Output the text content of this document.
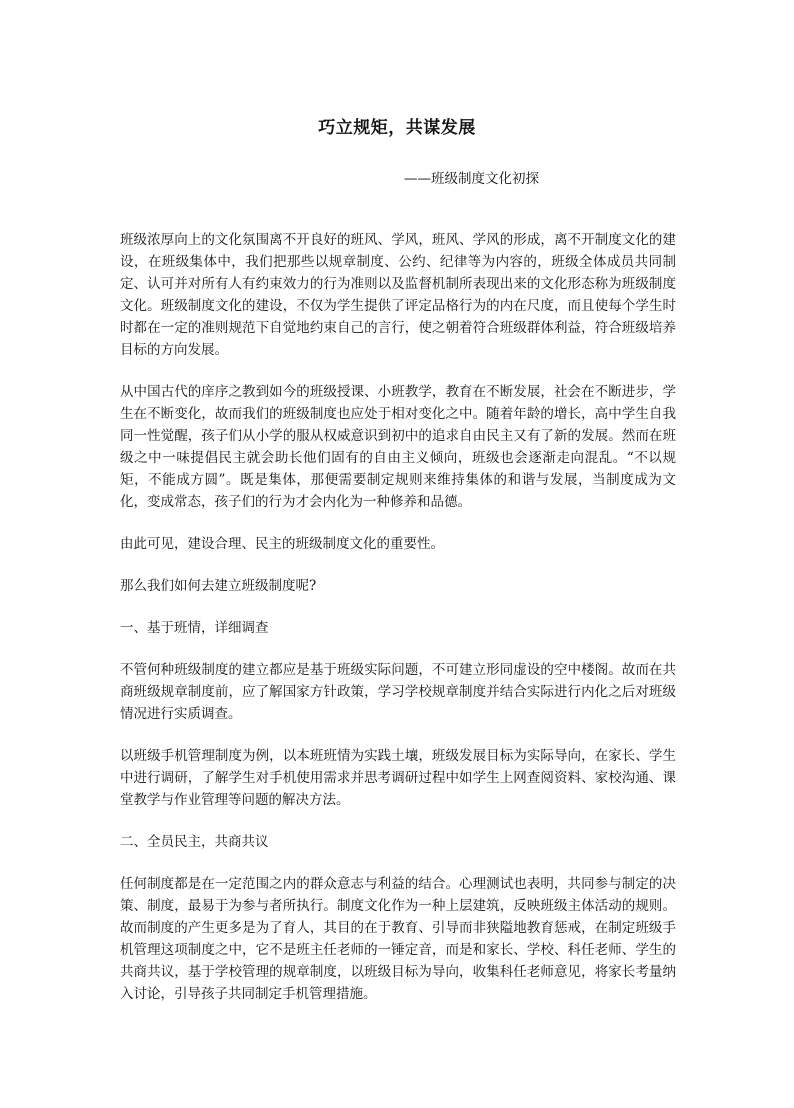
巧立规矩，共谋发展
——班级制度文化初探

班级浓厚向上的文化氛围离不开良好的班风、学风，班风、学风的形成，离不开制度文化的建设，在班级集体中，我们把那些以规章制度、公约、纪律等为内容的，班级全体成员共同制定、认可并对所有人有约束效力的行为准则以及监督机制所表现出来的文化形态称为班级制度文化。班级制度文化的建设，不仅为学生提供了评定品格行为的内在尺度，而且使每个学生时时都在一定的准则规范下自觉地约束自己的言行，使之朝着符合班级群体利益，符合班级培养目标的方向发展。

从中国古代的庠序之教到如今的班级授课、小班教学，教育在不断发展，社会在不断进步，学生在不断变化，故而我们的班级制度也应处于相对变化之中。随着年龄的增长，高中学生自我同一性觉醒，孩子们从小学的服从权威意识到初中的追求自由民主又有了新的发展。然而在班级之中一味提倡民主就会助长他们固有的自由主义倾向，班级也会逐渐走向混乱。“不以规矩，不能成方圆”。既是集体，那便需要制定规则来维持集体的和谐与发展，当制度成为文化，变成常态，孩子们的行为才会内化为一种修养和品德。

由此可见，建设合理、民主的班级制度文化的重要性。

那么我们如何去建立班级制度呢?

一、基于班情，详细调查

不管何种班级制度的建立都应是基于班级实际问题，不可建立形同虚设的空中楼阁。故而在共商班级规章制度前，应了解国家方针政策，学习学校规章制度并结合实际进行内化之后对班级情况进行实质调查。

以班级手机管理制度为例，以本班班情为实践土壤，班级发展目标为实际导向，在家长、学生中进行调研，了解学生对手机使用需求并思考调研过程中如学生上网查阅资料、家校沟通、课堂教学与作业管理等问题的解决方法。

二、全员民主，共商共议

任何制度都是在一定范围之内的群众意志与利益的结合。心理测试也表明，共同参与制定的决策、制度，最易于为参与者所执行。制度文化作为一种上层建筑，反映班级主体活动的规则。故而制度的产生更多是为了育人，其目的在于教育、引导而非狭隘地教育惩戒，在制定班级手机管理这项制度之中，它不是班主任老师的一锤定音，而是和家长、学校、科任老师、学生的共商共议，基于学校管理的规章制度，以班级目标为导向，收集科任老师意见，将家长考量纳入讨论，引导孩子共同制定手机管理措施。
